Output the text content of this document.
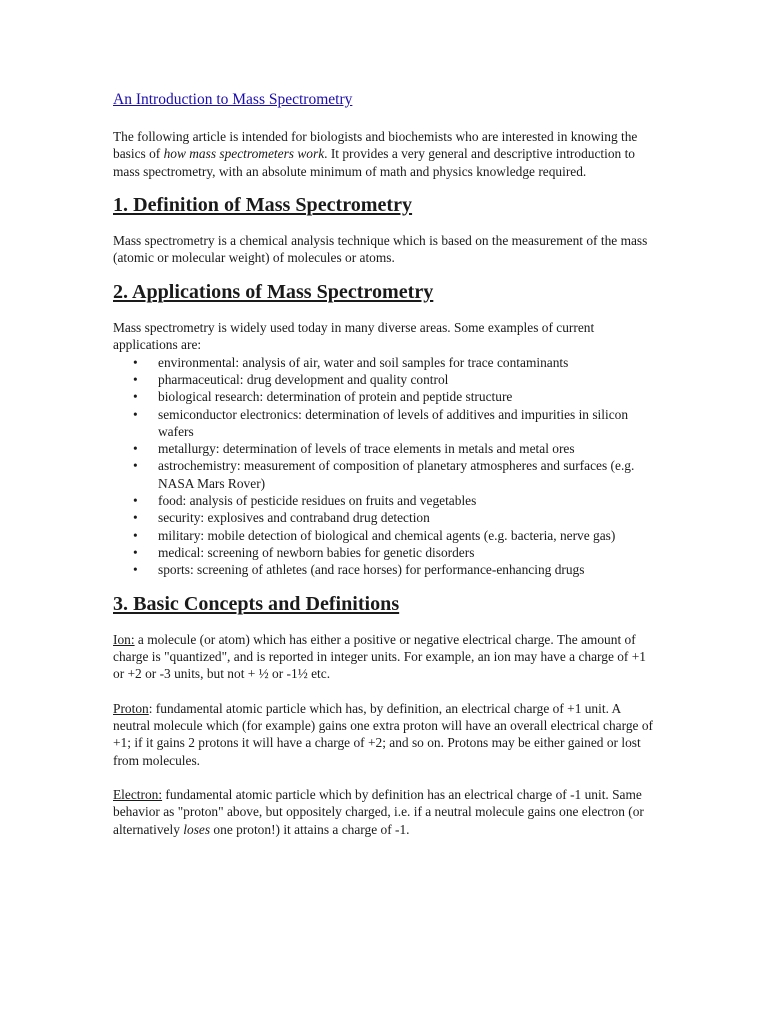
An Introduction to Mass Spectrometry

The following article is intended for biologists and biochemists who are interested in knowing the basics of how mass spectrometers work. It provides a very general and descriptive introduction to mass spectrometry, with an absolute minimum of math and physics knowledge required.

1. Definition of Mass Spectrometry

Mass spectrometry is a chemical analysis technique which is based on the measurement of the mass (atomic or molecular weight) of molecules or atoms.

2. Applications of Mass Spectrometry

Mass spectrometry is widely used today in many diverse areas. Some examples of current applications are:

• environmental: analysis of air, water and soil samples for trace contaminants
• pharmaceutical: drug development and quality control
• biological research: determination of protein and peptide structure
• semiconductor electronics: determination of levels of additives and impurities in silicon wafers
• metallurgy: determination of levels of trace elements in metals and metal ores
• astrochemistry: measurement of composition of planetary atmospheres and surfaces (e.g. NASA Mars Rover)
• food: analysis of pesticide residues on fruits and vegetables
• security: explosives and contraband drug detection
• military: mobile detection of biological and chemical agents (e.g. bacteria, nerve gas)
• medical: screening of newborn babies for genetic disorders
• sports: screening of athletes (and race horses) for performance-enhancing drugs
3. Basic Concepts and Definitions

Ion: a molecule (or atom) which has either a positive or negative electrical charge. The amount of charge is "quantized", and is reported in integer units. For example, an ion may have a charge of +1 or +2 or -3 units, but not + ½ or -1½ etc.

Proton: fundamental atomic particle which has, by definition, an electrical charge of +1 unit. A neutral molecule which (for example) gains one extra proton will have an overall electrical charge of +1; if it gains 2 protons it will have a charge of +2; and so on. Protons may be either gained or lost from molecules.

Electron: fundamental atomic particle which by definition has an electrical charge of -1 unit. Same behavior as "proton" above, but oppositely charged, i.e. if a neutral molecule gains one electron (or alternatively loses one proton!) it attains a charge of -1.
